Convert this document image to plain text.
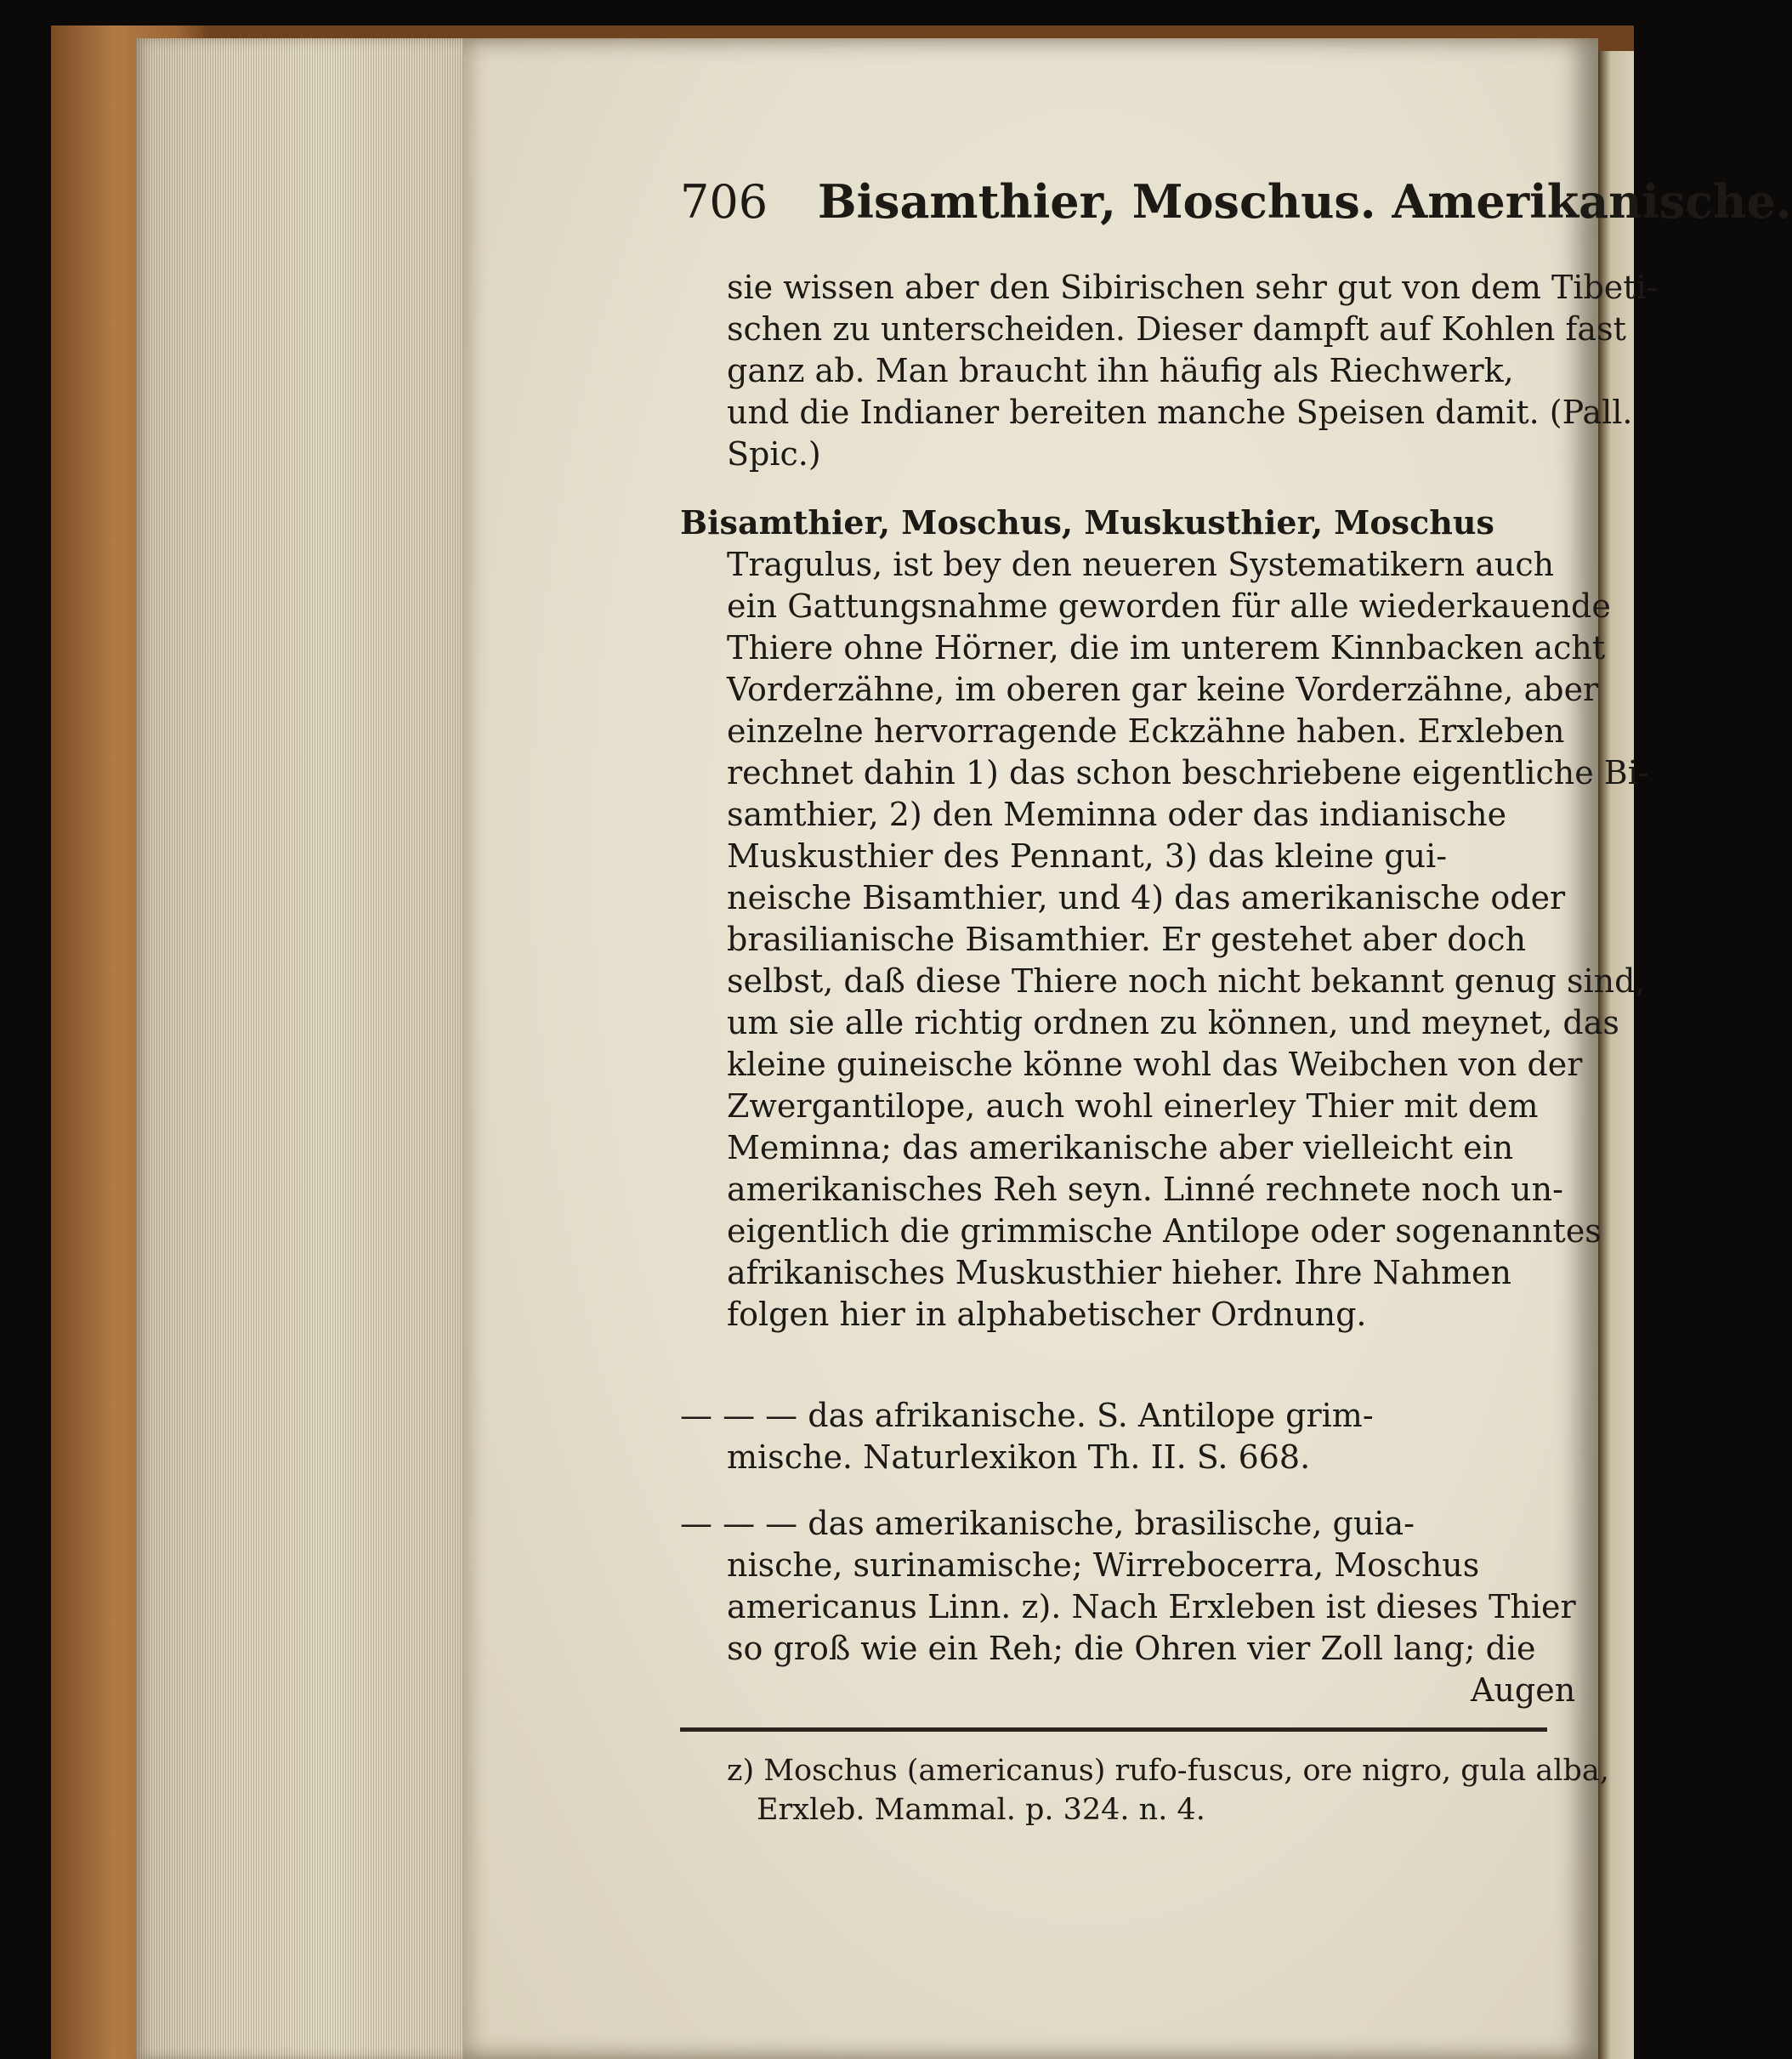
706 Bisamthier, Moschus. Amerikanische.
sie wissen aber den Sibirischen sehr gut von dem Tibeti-
schen zu unterscheiden. Dieser dampft auf Kohlen fast
ganz ab. Man braucht ihn häufig als Riechwerk,
und die Indianer bereiten manche Speisen damit. (Pall.
Spic.)
Bisamthier, Moschus, Muskusthier, Moschus
Tragulus, ist bey den neueren Systematikern auch
ein Gattungsnahme geworden für alle wiederkauende
Thiere ohne Hörner, die im unterem Kinnbacken acht
Vorderzähne, im oberen gar keine Vorderzähne, aber
einzelne hervorragende Eckzähne haben. Erxleben
rechnet dahin 1) das schon beschriebene eigentliche Bi-
samthier, 2) den Meminna oder das indianische
Muskusthier des Pennant, 3) das kleine gui-
neische Bisamthier, und 4) das amerikanische oder
brasilianische Bisamthier. Er gestehet aber doch
selbst, daß diese Thiere noch nicht bekannt genug sind,
um sie alle richtig ordnen zu können, und meynet, das
kleine guineische könne wohl das Weibchen von der
Zwergantilope, auch wohl einerley Thier mit dem
Meminna; das amerikanische aber vielleicht ein
amerikanisches Reh seyn. Linné rechnete noch un-
eigentlich die grimmische Antilope oder sogenanntes
afrikanisches Muskusthier hieher. Ihre Nahmen
folgen hier in alphabetischer Ordnung.
— — — das afrikanische. S. Antilope grim-
mische. Naturlexikon Th. II. S. 668.
— — — das amerikanische, brasilische, guia-
nische, surinamische; Wirrebocerra, Moschus
americanus Linn. z). Nach Erxleben ist dieses Thier
so groß wie ein Reh; die Ohren vier Zoll lang; die
Augen
z) Moschus (americanus) rufo-fuscus, ore nigro, gula alba,
Erxleb. Mammal. p. 324. n. 4.
